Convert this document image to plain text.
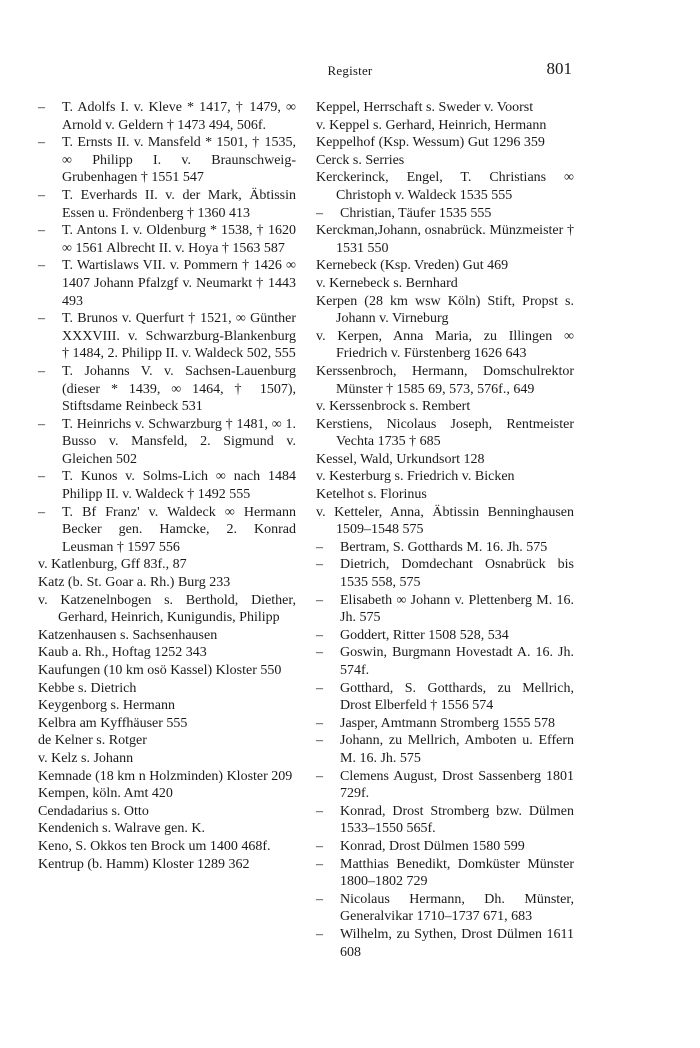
Register	801
– T. Adolfs I. v. Kleve * 1417, † 1479, ∞ Arnold v. Geldern † 1473 494, 506f.
– T. Ernsts II. v. Mansfeld * 1501, † 1535, ∞ Philipp I. v. Braunschweig-Grubenhagen † 1551 547
– T. Everhards II. v. der Mark, Äbtissin Essen u. Fröndenberg † 1360 413
– T. Antons I. v. Oldenburg * 1538, † 1620 ∞ 1561 Albrecht II. v. Hoya † 1563 587
– T. Wartislaws VII. v. Pommern † 1426 ∞ 1407 Johann Pfalzgf v. Neumarkt † 1443 493
– T. Brunos v. Querfurt † 1521, ∞ Günther XXXVIII. v. Schwarzburg-Blankenburg † 1484, 2. Philipp II. v. Waldeck 502, 555
– T. Johanns V. v. Sachsen-Lauenburg (dieser * 1439, ∞ 1464, † 1507), Stiftsdame Reinbeck 531
– T. Heinrichs v. Schwarzburg † 1481, ∞ 1. Busso v. Mansfeld, 2. Sigmund v. Gleichen 502
– T. Kunos v. Solms-Lich ∞ nach 1484 Philipp II. v. Waldeck † 1492 555
– T. Bf Franz' v. Waldeck ∞ Hermann Becker gen. Hamcke, 2. Konrad Leusman † 1597 556
v. Katlenburg, Gff 83f., 87
Katz (b. St. Goar a. Rh.) Burg 233
v. Katzenelnbogen s. Berthold, Diether, Gerhard, Heinrich, Kunigundis, Philipp
Katzenhausen s. Sachsenhausen
Kaub a. Rh., Hoftag 1252 343
Kaufungen (10 km osö Kassel) Kloster 550
Kebbe s. Dietrich
Keygenborg s. Hermann
Kelbra am Kyffhäuser 555
de Kelner s. Rotger
v. Kelz s. Johann
Kemnade (18 km n Holzminden) Kloster 209
Kempen, köln. Amt 420
Cendadarius s. Otto
Kendenich s. Walrave gen. K.
Keno, S. Okkos ten Brock um 1400 468f.
Kentrup (b. Hamm) Kloster 1289 362
Keppel, Herrschaft s. Sweder v. Voorst
v. Keppel s. Gerhard, Heinrich, Hermann
Keppelhof (Ksp. Wessum) Gut 1296 359
Cerck s. Serries
Kerckerinck, Engel, T. Christians ∞ Christoph v. Waldeck 1535 555
– Christian, Täufer 1535 555
Kerckman,Johann, osnabrück. Münzmeister † 1531 550
Kernebeck (Ksp. Vreden) Gut 469
v. Kernebeck s. Bernhard
Kerpen (28 km wsw Köln) Stift, Propst s. Johann v. Virneburg
v. Kerpen, Anna Maria, zu Illingen ∞ Friedrich v. Fürstenberg 1626 643
Kerssenbroch, Hermann, Domschulrektor Münster † 1585 69, 573, 576f., 649
v. Kerssenbrock s. Rembert
Kerstiens, Nicolaus Joseph, Rentmeister Vechta 1735 † 685
Kessel, Wald, Urkundsort 128
v. Kesterburg s. Friedrich v. Bicken
Ketelhot s. Florinus
v. Ketteler, Anna, Äbtissin Benninghausen 1509–1548 575
– Bertram, S. Gotthards M. 16. Jh. 575
– Dietrich, Domdechant Osnabrück bis 1535 558, 575
– Elisabeth ∞ Johann v. Plettenberg M. 16. Jh. 575
– Goddert, Ritter 1508 528, 534
– Goswin, Burgmann Hovestadt A. 16. Jh. 574f.
– Gotthard, S. Gotthards, zu Mellrich, Drost Elberfeld † 1556 574
– Jasper, Amtmann Stromberg 1555 578
– Johann, zu Mellrich, Amboten u. Effern M. 16. Jh. 575
– Clemens August, Drost Sassenberg 1801 729f.
– Konrad, Drost Stromberg bzw. Dülmen 1533–1550 565f.
– Konrad, Drost Dülmen 1580 599
– Matthias Benedikt, Domküster Münster 1800–1802 729
– Nicolaus Hermann, Dh. Münster, Generalvikar 1710–1737 671, 683
– Wilhelm, zu Sythen, Drost Dülmen 1611 608
